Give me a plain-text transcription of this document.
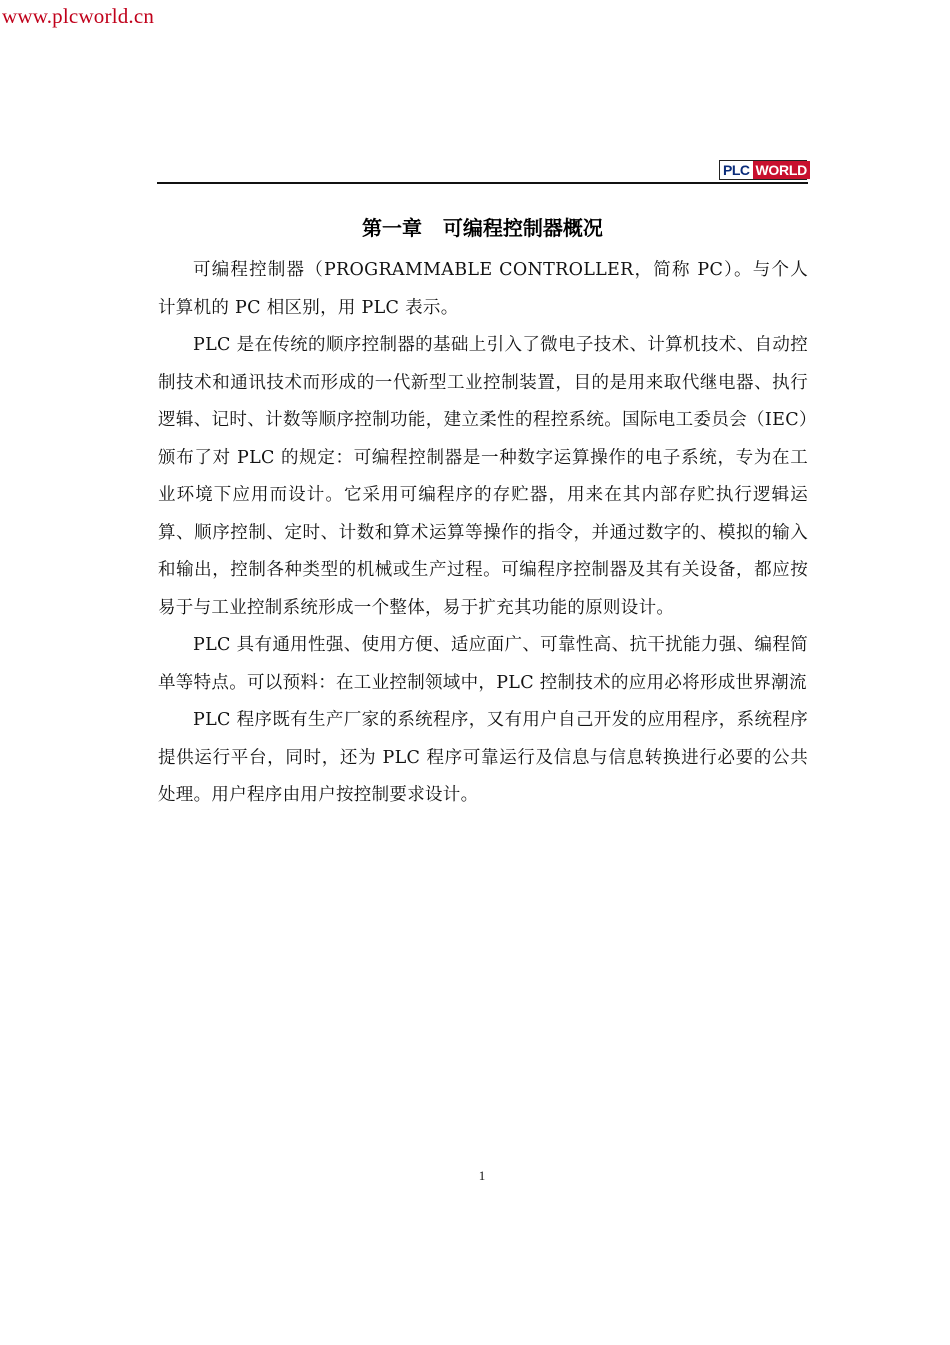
www.plcworld.cn
PLC WORLD
第一章   可编程控制器概况

可编程控制器（PROGRAMMABLE CONTROLLER，简称 PC）。与个人计算机的 PC 相区别，用 PLC 表示。

PLC 是在传统的顺序控制器的基础上引入了微电子技术、计算机技术、自动控制技术和通讯技术而形成的一代新型工业控制装置，目的是用来取代继电器、执行逻辑、记时、计数等顺序控制功能，建立柔性的程控系统。国际电工委员会（IEC）颁布了对 PLC 的规定：可编程控制器是一种数字运算操作的电子系统，专为在工业环境下应用而设计。它采用可编程序的存贮器，用来在其内部存贮执行逻辑运算、顺序控制、定时、计数和算术运算等操作的指令，并通过数字的、模拟的输入和输出，控制各种类型的机械或生产过程。可编程序控制器及其有关设备，都应按易于与工业控制系统形成一个整体，易于扩充其功能的原则设计。

PLC 具有通用性强、使用方便、适应面广、可靠性高、抗干扰能力强、编程简单等特点。可以预料：在工业控制领域中，PLC 控制技术的应用必将形成世界潮流

PLC 程序既有生产厂家的系统程序，又有用户自己开发的应用程序，系统程序提供运行平台，同时，还为 PLC 程序可靠运行及信息与信息转换进行必要的公共处理。用户程序由用户按控制要求设计。

1
